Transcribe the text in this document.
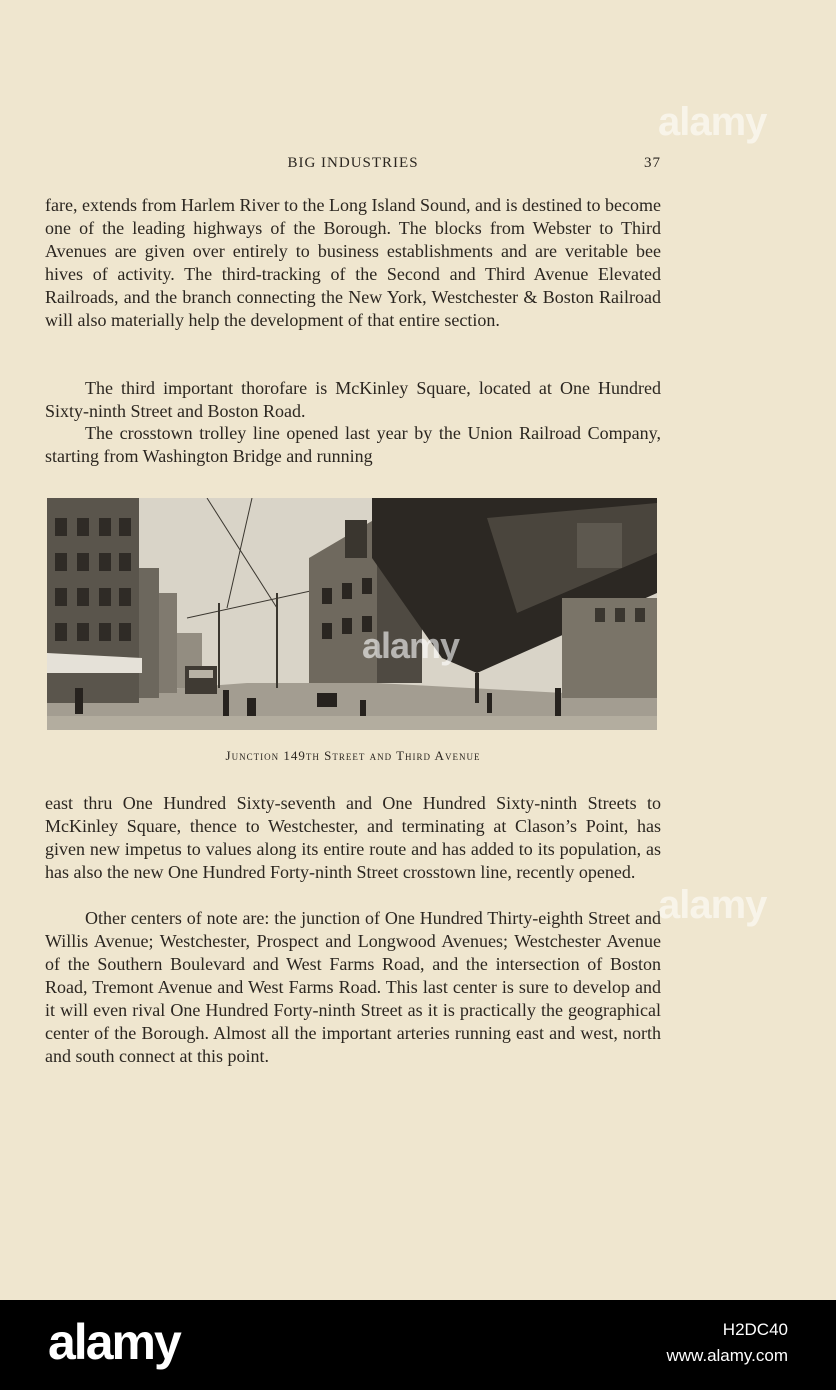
BIG INDUSTRIES	37

fare, extends from Harlem River to the Long Island Sound, and is destined to become one of the leading highways of the Borough. The blocks from Webster to Third Avenues are given over entirely to business establishments and are veritable bee hives of activity. The third-tracking of the Second and Third Avenue Elevated Railroads, and the branch connecting the New York, Westchester & Boston Railroad will also materially help the development of that entire section.

The third important thorofare is McKinley Square, located at One Hundred Sixty-ninth Street and Boston Road.

The crosstown trolley line opened last year by the Union Railroad Company, starting from Washington Bridge and running

Junction 149th Street and Third Avenue

east thru One Hundred Sixty-seventh and One Hundred Sixty-ninth Streets to McKinley Square, thence to Westchester, and terminating at Clason’s Point, has given new impetus to values along its entire route and has added to its population, as has also the new One Hundred Forty-ninth Street crosstown line, recently opened.

Other centers of note are: the junction of One Hundred Thirty-eighth Street and Willis Avenue; Westchester, Prospect and Longwood Avenues; Westchester Avenue of the Southern Boulevard and West Farms Road, and the intersection of Boston Road, Tremont Avenue and West Farms Road. This last center is sure to develop and it will even rival One Hundred Forty-ninth Street as it is practically the geographical center of the Borough. Almost all the important arteries running east and west, north and south connect at this point.

alamy
alamy
alamy
alamy	H2DC40
www.alamy.com
